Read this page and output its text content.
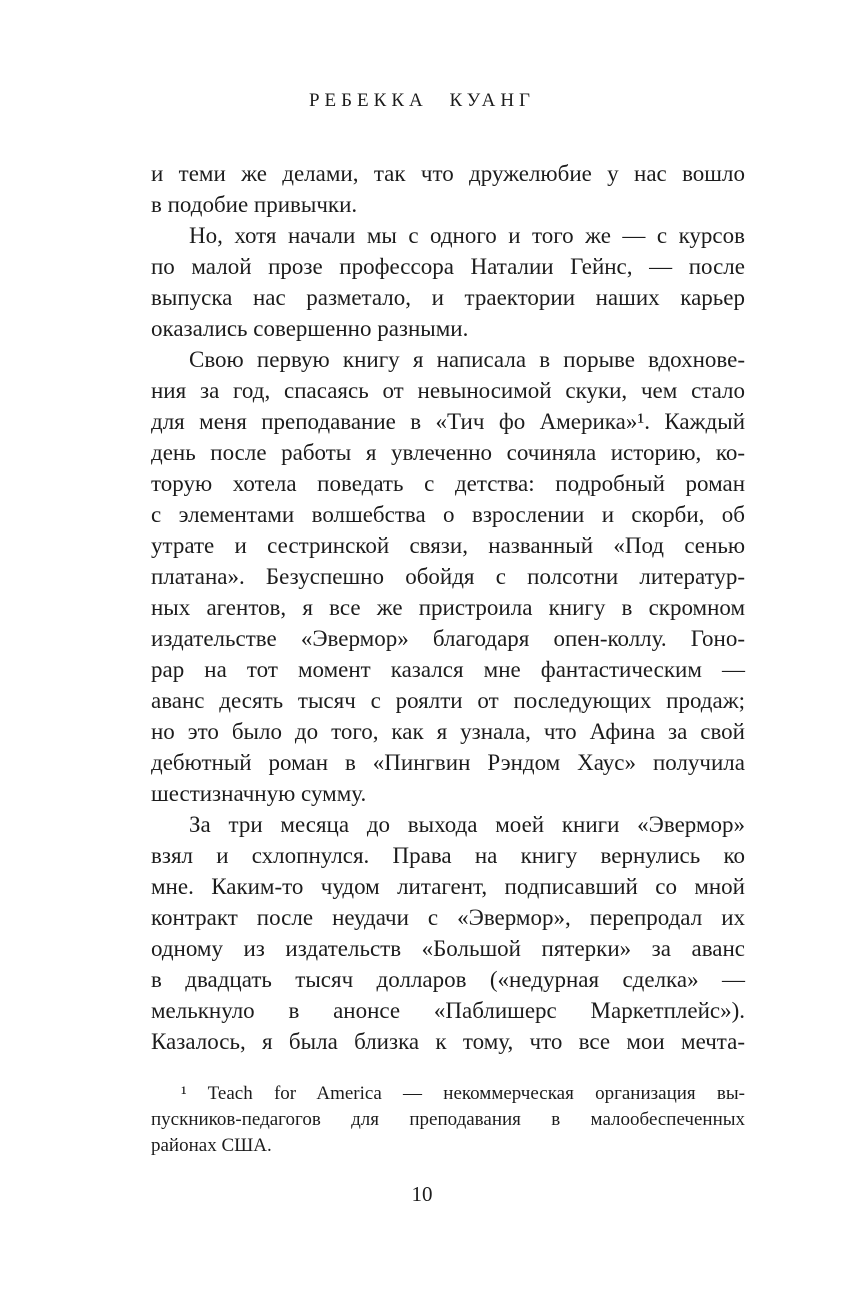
РЕБЕККА КУАНГ
и теми же делами, так что дружелюбие у нас вошло
в подобие привычки.
Но, хотя начали мы с одного и того же — с курсов
по малой прозе профессора Наталии Гейнс, — после
выпуска нас разметало, и траектории наших карьер
оказались совершенно разными.
Свою первую книгу я написала в порыве вдохнове-
ния за год, спасаясь от невыносимой скуки, чем стало
для меня преподавание в «Тич фо Америка»¹. Каждый
день после работы я увлеченно сочиняла историю, ко-
торую хотела поведать с детства: подробный роман
с элементами волшебства о взрослении и скорби, об
утрате и сестринской связи, названный «Под сенью
платана». Безуспешно обойдя с полсотни литератур-
ных агентов, я все же пристроила книгу в скромном
издательстве «Эвермор» благодаря опен-коллу. Гоно-
рар на тот момент казался мне фантастическим —
аванс десять тысяч с роялти от последующих продаж;
но это было до того, как я узнала, что Афина за свой
дебютный роман в «Пингвин Рэндом Хаус» получила
шестизначную сумму.
За три месяца до выхода моей книги «Эвермор»
взял и схлопнулся. Права на книгу вернулись ко
мне. Каким-то чудом литагент, подписавший со мной
контракт после неудачи с «Эвермор», перепродал их
одному из издательств «Большой пятерки» за аванс
в двадцать тысяч долларов («недурная сделка» —
мелькнуло в анонсе «Паблишерс Маркетплейс»).
Казалось, я была близка к тому, что все мои мечта-
¹ Teach for America — некоммерческая организация вы-
пускников-педагогов для преподавания в малообеспеченных
районах США.
10
